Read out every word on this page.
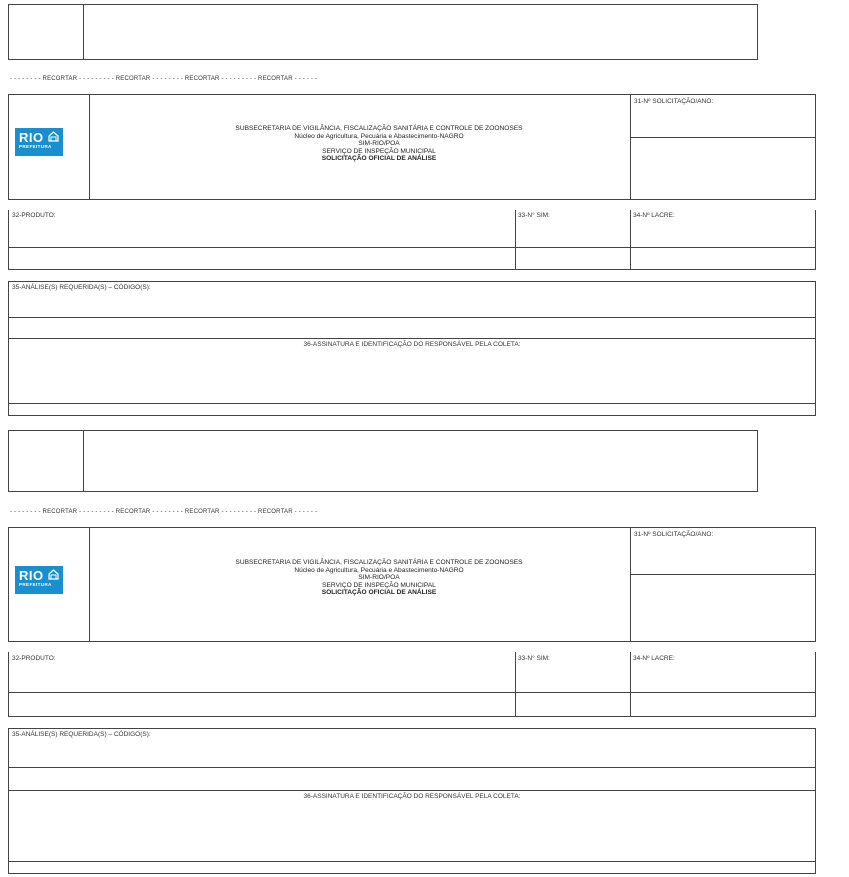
- - - - - - - - RECORTAR - - - - - - - - - RECORTAR - - - - - - - - RECORTAR - - - - - - - - - RECORTAR - - - - - -
RIO
PREFEITURA
SUBSECRETARIA DE VIGILÂNCIA, FISCALIZAÇÃO SANITÁRIA E CONTROLE DE ZOONOSES
Núcleo de Agricultura, Pecuária e Abastecimento-NAGRO
SIM-RIO/POA
SERVIÇO DE INSPEÇÃO MUNICIPAL
SOLICITAÇÃO OFICIAL DE ANÁLISE
31-Nº SOLICITAÇÃO/ANO:
32-PRODUTO:	33-N° SIM:	34-Nº LACRE:
35-ANÁLISE(S) REQUERIDA(S) – CÓDIGO(S):
36-ASSINATURA E IDENTIFICAÇÃO DO RESPONSÁVEL PELA COLETA:
- - - - - - - - RECORTAR - - - - - - - - - RECORTAR - - - - - - - - RECORTAR - - - - - - - - - RECORTAR - - - - - -
RIO
PREFEITURA
SUBSECRETARIA DE VIGILÂNCIA, FISCALIZAÇÃO SANITÁRIA E CONTROLE DE ZOONOSES
Núcleo de Agricultura, Pecuária e Abastecimento-NAGRO
SIM-RIO/POA
SERVIÇO DE INSPEÇÃO MUNICIPAL
SOLICITAÇÃO OFICIAL DE ANÁLISE
31-Nº SOLICITAÇÃO/ANO:
32-PRODUTO:	33-N° SIM:	34-Nº LACRE:
35-ANÁLISE(S) REQUERIDA(S) – CÓDIGO(S):
36-ASSINATURA E IDENTIFICAÇÃO DO RESPONSÁVEL PELA COLETA:
